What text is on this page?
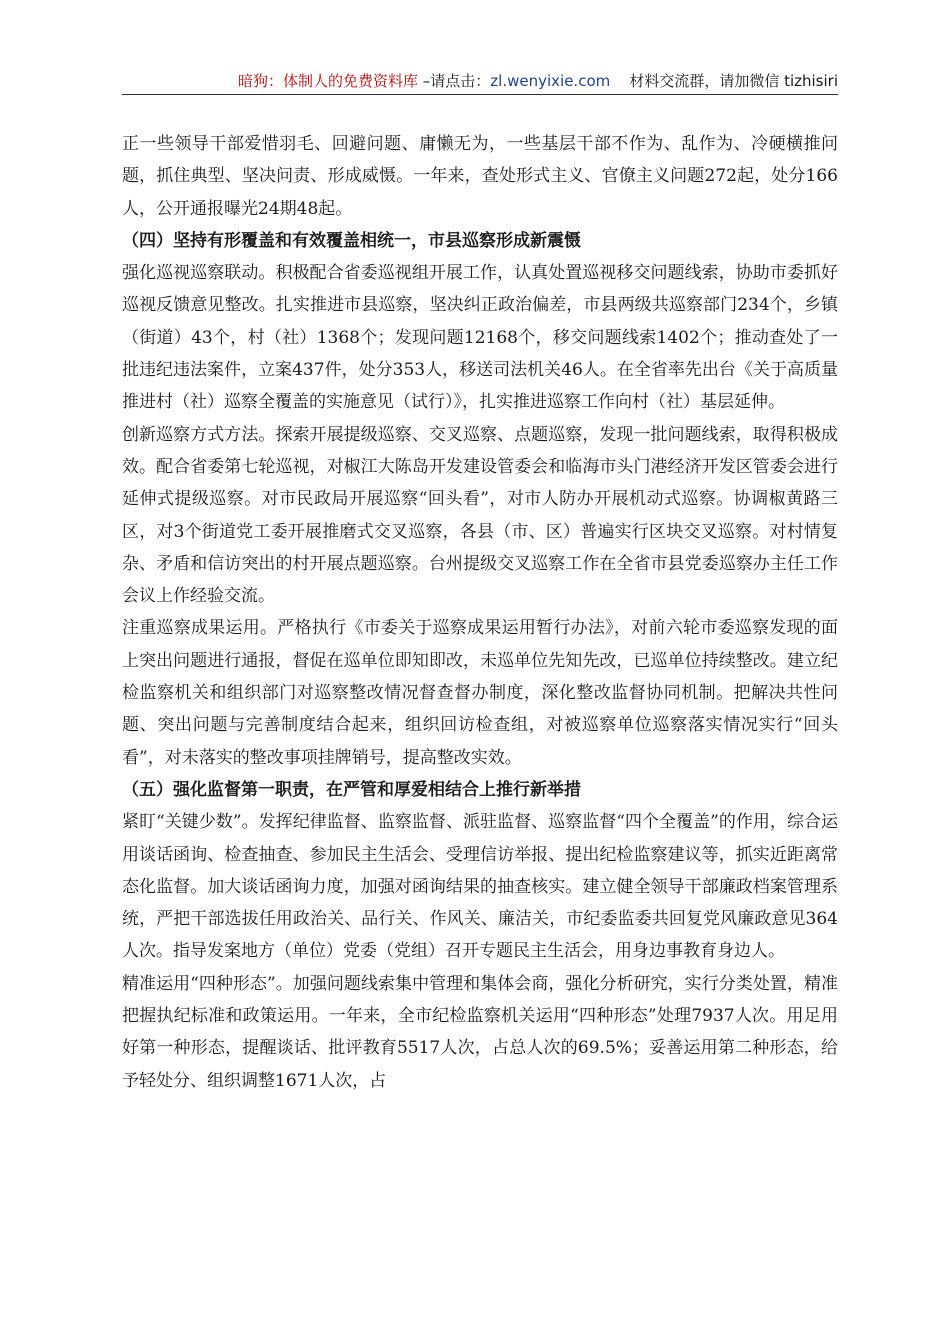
暗狗：体制人的免费资料库 –请点击：zl.wenyixie.com 材料交流群，请加微信 tizhisiri

正一些领导干部爱惜羽毛、回避问题、庸懒无为，一些基层干部不作为、乱作为、冷硬横推问题，抓住典型、坚决问责、形成威慑。一年来，查处形式主义、官僚主义问题272起，处分166人，公开通报曝光24期48起。

（四）坚持有形覆盖和有效覆盖相统一，市县巡察形成新震慑

强化巡视巡察联动。积极配合省委巡视组开展工作，认真处置巡视移交问题线索，协助市委抓好巡视反馈意见整改。扎实推进市县巡察，坚决纠正政治偏差，市县两级共巡察部门234个，乡镇（街道）43个，村（社）1368个；发现问题12168个，移交问题线索1402个；推动查处了一批违纪违法案件，立案437件，处分353人，移送司法机关46人。在全省率先出台《关于高质量推进村（社）巡察全覆盖的实施意见（试行）》，扎实推进巡察工作向村（社）基层延伸。

创新巡察方式方法。探索开展提级巡察、交叉巡察、点题巡察，发现一批问题线索，取得积极成效。配合省委第七轮巡视，对椒江大陈岛开发建设管委会和临海市头门港经济开发区管委会进行延伸式提级巡察。对市民政局开展巡察“回头看”，对市人防办开展机动式巡察。协调椒黄路三区，对3个街道党工委开展推磨式交叉巡察，各县（市、区）普遍实行区块交叉巡察。对村情复杂、矛盾和信访突出的村开展点题巡察。台州提级交叉巡察工作在全省市县党委巡察办主任工作会议上作经验交流。

注重巡察成果运用。严格执行《市委关于巡察成果运用暂行办法》，对前六轮市委巡察发现的面上突出问题进行通报，督促在巡单位即知即改，未巡单位先知先改，已巡单位持续整改。建立纪检监察机关和组织部门对巡察整改情况督查督办制度，深化整改监督协同机制。把解决共性问题、突出问题与完善制度结合起来，组织回访检查组，对被巡察单位巡察落实情况实行“回头看”，对未落实的整改事项挂牌销号，提高整改实效。

（五）强化监督第一职责，在严管和厚爱相结合上推行新举措

紧盯“关键少数”。发挥纪律监督、监察监督、派驻监督、巡察监督“四个全覆盖”的作用，综合运用谈话函询、检查抽查、参加民主生活会、受理信访举报、提出纪检监察建议等，抓实近距离常态化监督。加大谈话函询力度，加强对函询结果的抽查核实。建立健全领导干部廉政档案管理系统，严把干部选拔任用政治关、品行关、作风关、廉洁关，市纪委监委共回复党风廉政意见364人次。指导发案地方（单位）党委（党组）召开专题民主生活会，用身边事教育身边人。

精准运用“四种形态”。加强问题线索集中管理和集体会商，强化分析研究，实行分类处置，精准把握执纪标准和政策运用。一年来，全市纪检监察机关运用“四种形态”处理7937人次。用足用好第一种形态，提醒谈话、批评教育5517人次，占总人次的69.5%；妥善运用第二种形态，给予轻处分、组织调整1671人次，占
